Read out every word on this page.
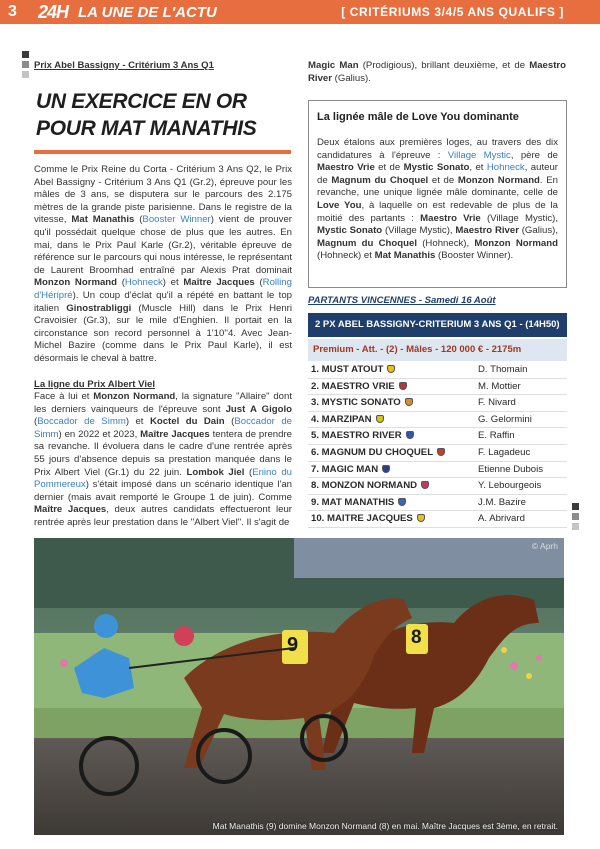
3 24H LA UNE DE L'ACTU	[ CRITÉRIUMS 3/4/5 ANS QUALIFS ]
Prix Abel Bassigny - Critérium 3 Ans Q1
UN EXERCICE EN OR
POUR MAT MANATHIS

Comme le Prix Reine du Corta - Critérium 3 Ans Q2, le Prix Abel Bassigny - Critérium 3 Ans Q1 (Gr.2), épreuve pour les mâles de 3 ans, se disputera sur le parcours des 2.175 mètres de la grande piste parisienne. Dans le registre de la vitesse, Mat Manathis (Booster Winner) vient de prouver qu'il possédait quelque chose de plus que les autres. En mai, dans le Prix Paul Karle (Gr.2), véritable épreuve de référence sur le parcours qui nous intéresse, le représentant de Laurent Broomhad entraîné par Alexis Prat dominait Monzon Normand (Hohneck) et Maître Jacques (Rolling d'Héripré). Un coup d'éclat qu'il a répété en battant le top italien Ginostrabliggi (Muscle Hill) dans le Prix Henri Cravoisier (Gr.3), sur le mile d'Enghien. Il portait en la circonstance son record personnel à 1'10''4. Avec Jean-Michel Bazire (comme dans le Prix Paul Karle), il est désormais le cheval à battre.

La ligne du Prix Albert Viel

Face à lui et Monzon Normand, la signature "Allaire" dont les derniers vainqueurs de l'épreuve sont Just A Gigolo (Boccador de Simm) et Koctel du Dain (Boccador de Simm) en 2022 et 2023, Maître Jacques tentera de prendre sa revanche. Il évoluera dans le cadre d'une rentrée après 55 jours d'absence depuis sa prestation manquée dans le Prix Albert Viel (Gr.1) du 22 juin. Lombok Jiel (Enino du Pommereux) s'était imposé dans un scénario identique l'an dernier (mais avait remporté le Groupe 1 de juin). Comme Maître Jacques, deux autres candidats effectueront leur rentrée après leur prestation dans le "Albert Viel". Il s'agit de

Magic Man (Prodigious), brillant deuxième, et de Maestro River (Galius).

La lignée mâle de Love You dominante

Deux étalons aux premières loges, au travers des dix candidatures à l'épreuve : Village Mystic, père de Maestro Vrie et de Mystic Sonato, et Hohneck, auteur de Magnum du Choquel et de Monzon Normand. En revanche, une unique lignée mâle dominante, celle de Love You, à laquelle on est redevable de plus de la moitié des partants : Maestro Vrie (Village Mystic), Mystic Sonato (Village Mystic), Maestro River (Galius), Magnum du Choquel (Hohneck), Monzon Normand (Hohneck) et Mat Manathis (Booster Winner).

PARTANTS VINCENNES - Samedi 16 Août
2 PX ABEL BASSIGNY-CRITERIUM 3 ANS Q1 - (14H50)
Premium - Att. - (2) - Mâles - 120 000 € - 2175m
1. MUST ATOUT	D. Thomain
2. MAESTRO VRIE	M. Mottier
3. MYSTIC SONATO	F. Nivard
4. MARZIPAN	G. Gelormini
5. MAESTRO RIVER	E. Raffin
6. MAGNUM DU CHOQUEL	F. Lagadeuc
7. MAGIC MAN	Etienne Dubois
8. MONZON NORMAND	Y. Lebourgeois
9. MAT MANATHIS	J.M. Bazire
10. MAITRE JACQUES	A. Abrivard
© Aprh
Mat Manathis (9) domine Monzon Normand (8) en mai. Maître Jacques est 3ème, en retrait.
9	8
